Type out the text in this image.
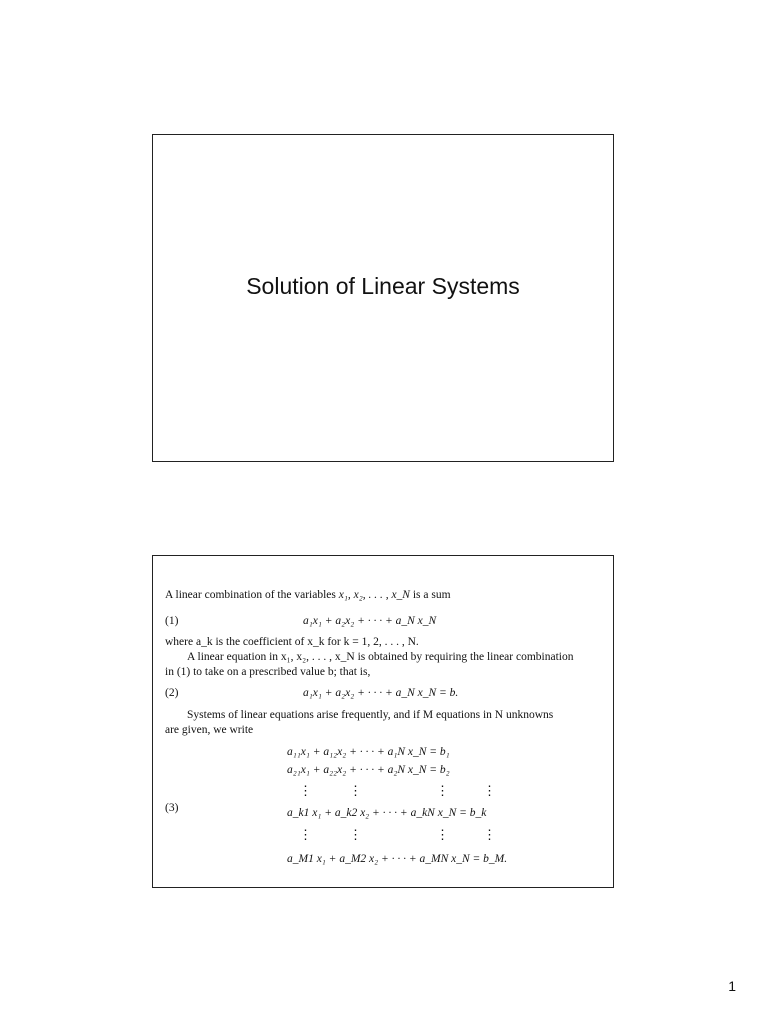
Solution of Linear Systems
A linear combination of the variables x₁, x₂, . . . , x_N is a sum
(1)	a₁x₁ + a₂x₂ + · · · + a_N x_N
where a_k is the coefficient of x_k for k = 1, 2, . . . , N.
A linear equation in x₁, x₂, . . . , x_N is obtained by requiring the linear combination
in (1) to take on a prescribed value b; that is,
(2)	a₁x₁ + a₂x₂ + · · · + a_N x_N = b.
Systems of linear equations arise frequently, and if M equations in N unknowns
are given, we write
a₁₁x₁ + a₁₂x₂ + · · · + a₁N x_N = b₁
a₂₁x₁ + a₂₂x₂ + · · · + a₂N x_N = b₂
⋮	⋮	⋮	⋮
(3)	a_k1 x₁ + a_k2 x₂ + · · · + a_kN x_N = b_k
⋮	⋮	⋮	⋮
a_M1 x₁ + a_M2 x₂ + · · · + a_MN x_N = b_M.
1
